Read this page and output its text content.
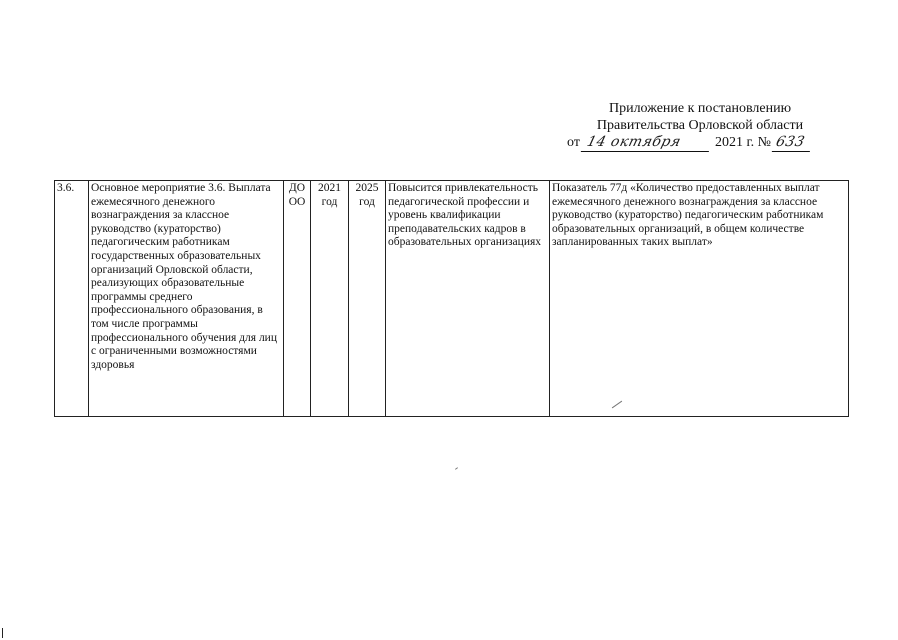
Приложение к постановлению
Правительства Орловской области
от 14 октября 2021 г. № 633
3.6.	Основное мероприятие 3.6. Выплата ежемесячного денежного вознаграждения за классное руководство (кураторство) педагогическим работникам государственных образовательных организаций Орловской области, реализующих образовательные программы среднего профессионального образования, в том числе программы профессионального обучения для лиц с ограниченными возможностями здоровья	ДО ОО	2021 год	2025 год	Повысится привлекательность педагогической профессии и уровень квалификации преподавательских кадров в образовательных организациях	Показатель 77д «Количество предоставленных выплат ежемесячного денежного вознаграждения за классное руководство (кураторство) педагогическим работникам образовательных организаций, в общем количестве запланированных таких выплат»
